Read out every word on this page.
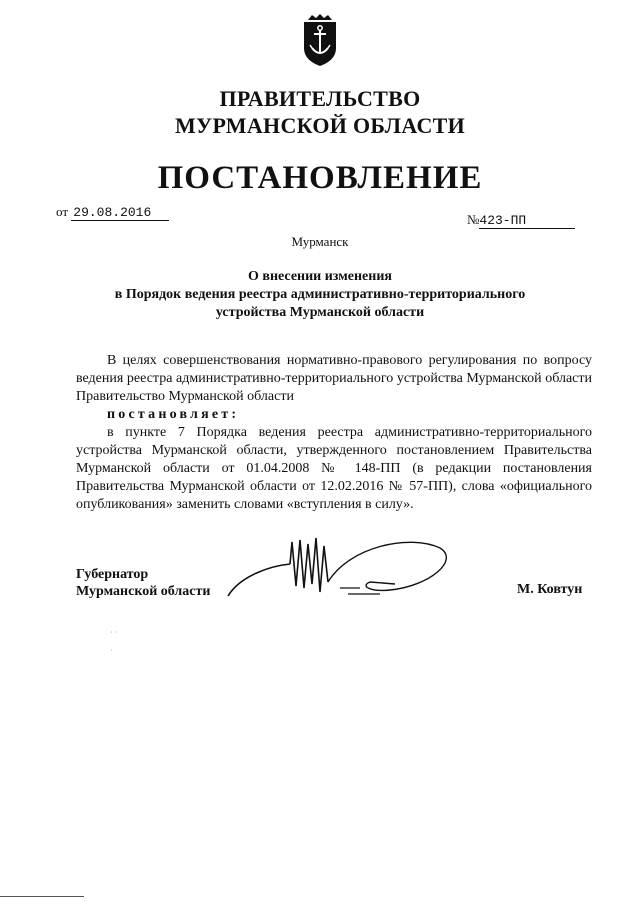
ПРАВИТЕЛЬСТВО
МУРМАНСКОЙ ОБЛАСТИ
ПОСТАНОВЛЕНИЕ
от 29.08.2016	№423-ПП
Мурманск
О внесении изменения
в Порядок ведения реестра административно-территориального
устройства Мурманской области

В целях совершенствования нормативно-правового регулирования по вопросу ведения реестра административно-территориального устройства Мурманской области Правительство Мурманской области

постановляет:

в пункте 7 Порядка ведения реестра административно-территориального устройства Мурманской области, утвержденного постановлением Правительства Мурманской области от 01.04.2008 № 148-ПП (в редакции постановления Правительства Мурманской области от 12.02.2016 № 57-ПП), слова «официального опубликования» заменить словами «вступления в силу».

Губернатор
Мурманской области	М. Ковтун
· ·

·
